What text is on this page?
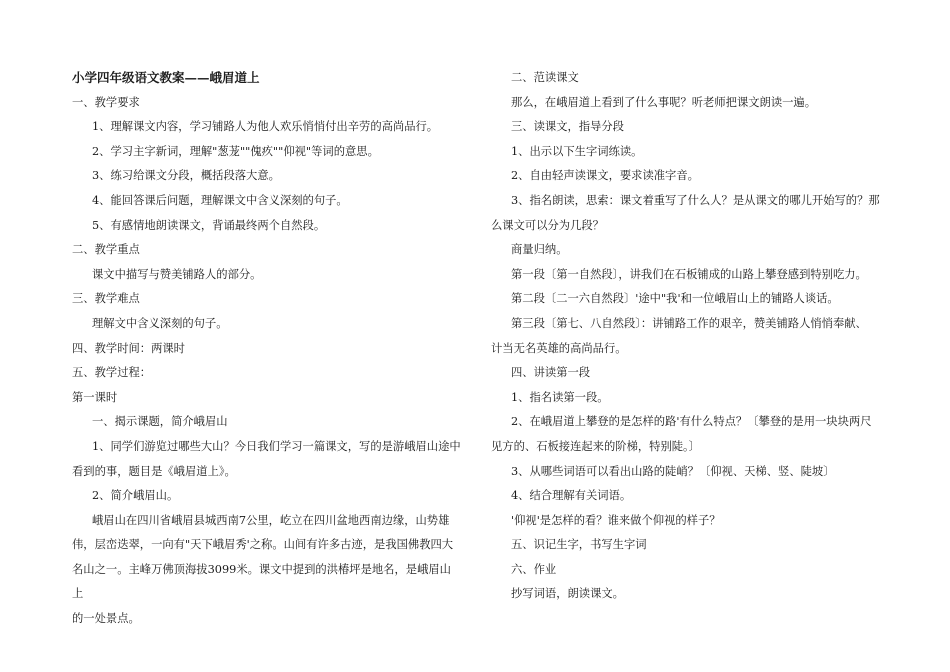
小学四年级语文教案——峨眉道上
一、教学要求
1、理解课文内容，学习铺路人为他人欢乐悄悄付出辛劳的高尚品行。
2、学习主字新词，理解"葱茏""傀疚""仰视"等词的意思。
3、练习给课文分段，概括段落大意。
4、能回答课后问题，理解课文中含义深刻的句子。
5、有感情地朗读课文，背诵最终两个自然段。
二、教学重点
课文中描写与赞美铺路人的部分。
三、教学难点
理解文中含义深刻的句子。
四、教学时间：两课时
五、教学过程：
第一课时
一、揭示课题，简介峨眉山
1、同学们游览过哪些大山？今日我们学习一篇课文，写的是游峨眉山途中
看到的事，题目是《峨眉道上》。
2、简介峨眉山。
峨眉山在四川省峨眉县城西南7公里，屹立在四川盆地西南边缘，山势雄
伟，层峦迭翠，一向有"天下峨眉秀'之称。山间有许多古迹，是我国佛教四大
名山之一。主峰万佛顶海拔3099米。课文中提到的洪椿坪是地名，是峨眉山上
的一处景点。
二、范读课文
那么，在峨眉道上看到了什么事呢？听老师把课文朗读一遍。
三、读课文，指导分段
1、出示以下生字词练读。
2、自由轻声读课文，要求读准字音。
3、指名朗读，思索：课文着重写了什么人？是从课文的哪儿开始写的？那
么课文可以分为几段？
商量归纳。
第一段〔第一自然段〕，讲我们在石板铺成的山路上攀登感到特别吃力。
第二段〔二一六自然段〕'途中"我'和一位峨眉山上的铺路人谈话。
第三段〔第七、八自然段〕：讲铺路工作的艰辛，赞美铺路人悄悄奉献、
计当无名英雄的高尚品行。
四、讲读第一段
1、指名读第一段。
2、在峨眉道上攀登的是怎样的路'有什么特点？〔攀登的是用一块块两尺
见方的、石板接连起来的阶梯，特别陡。〕
3、从哪些词语可以看出山路的陡峭？〔仰视、天梯、竖、陡坡〕
4、结合理解有关词语。
'仰视'是怎样的看？谁来做个仰视的样子？
五、识记生字，书写生字词
六、作业
抄写词语，朗读课文。
